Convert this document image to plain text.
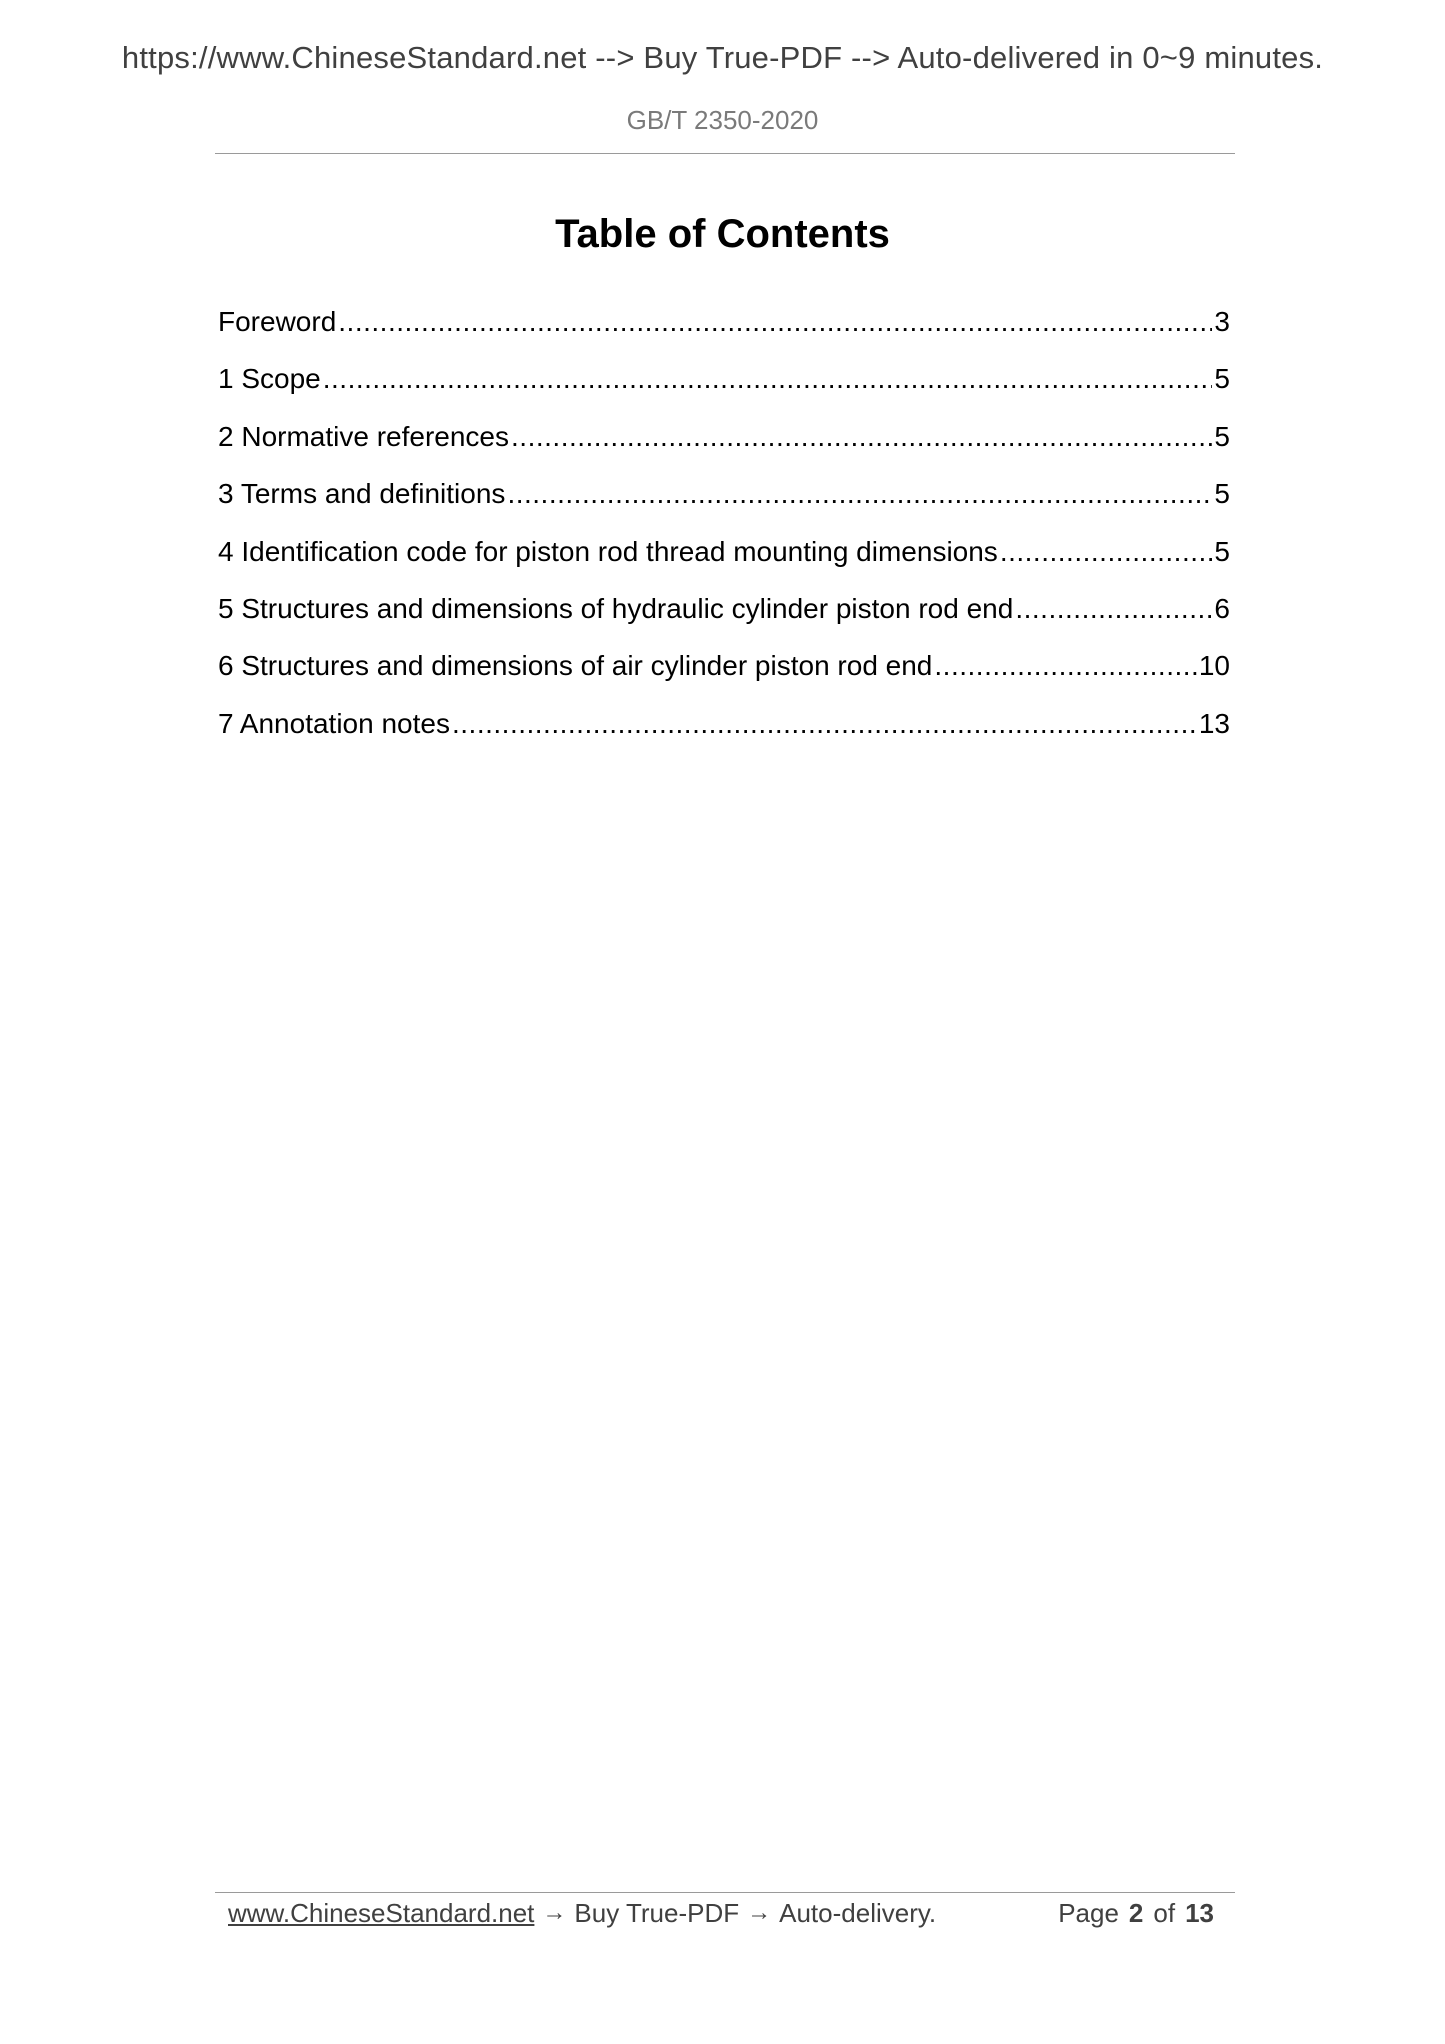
https://www.ChineseStandard.net --> Buy True-PDF --> Auto-delivered in 0~9 minutes.
GB/T 2350-2020
Table of Contents
Foreword .....	3
1 Scope .....	5
2 Normative references .....	5
3 Terms and definitions .....	5
4 Identification code for piston rod thread mounting dimensions .....	5
5 Structures and dimensions of hydraulic cylinder piston rod end .....	6
6 Structures and dimensions of air cylinder piston rod end .....	10
7 Annotation notes .....	13
www.ChineseStandard.net → Buy True-PDF → Auto-delivery.	Page 2 of 13
